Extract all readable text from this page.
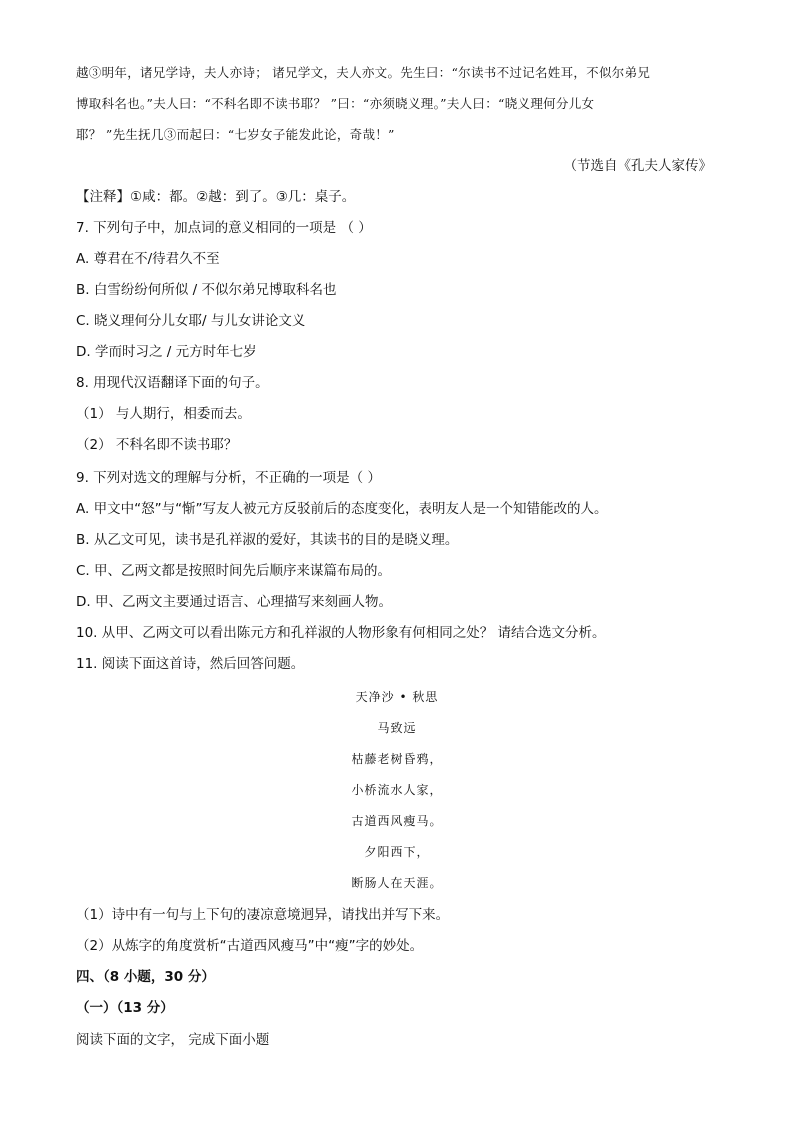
越③明年，诸兄学诗，夫人亦诗； 诸兄学文，夫人亦文。先生曰：“尔读书不过记名姓耳，不似尔弟兄
博取科名也。”夫人曰：“不科名即不读书耶？ ”曰：“亦须晓义理。”夫人曰：“晓义理何分儿女
耶？ ”先生抚几③而起曰：“七岁女子能发此论，奇哉！”
（节选自《孔夫人家传》
【注释】①咸：都。②越：到了。③几：桌子。
7. 下列句子中，加点词的意义相同的一项是 （ ）
A. 尊君在不/待君久不至
B. 白雪纷纷何所似 / 不似尔弟兄博取科名也
C. 晓义理何分儿女耶/ 与儿女讲论文义
D. 学而时习之 / 元方时年七岁
8. 用现代汉语翻译下面的句子。
（1） 与人期行，相委而去。
（2） 不科名即不读书耶？
9. 下列对选文的理解与分析，不正确的一项是（ ）
A. 甲文中“怒”与“惭”写友人被元方反驳前后的态度变化，表明友人是一个知错能改的人。
B. 从乙文可见，读书是孔祥淑的爱好，其读书的目的是晓义理。
C. 甲、乙两文都是按照时间先后顺序来谋篇布局的。
D. 甲、乙两文主要通过语言、心理描写来刻画人物。
10. 从甲、乙两文可以看出陈元方和孔祥淑的人物形象有何相同之处？ 请结合选文分析。
11. 阅读下面这首诗，然后回答问题。
天净沙 • 秋思
马致远
枯藤老树昏鸦，
小桥流水人家，
古道西风瘦马。
夕阳西下，
断肠人在天涯。
（1）诗中有一句与上下句的凄凉意境迥异，请找出并写下来。
（2）从炼字的角度赏析“古道西风瘦马”中“瘦”字的妙处。
四、（8 小题，30 分）
（一）（13 分）
阅读下面的文字， 完成下面小题
